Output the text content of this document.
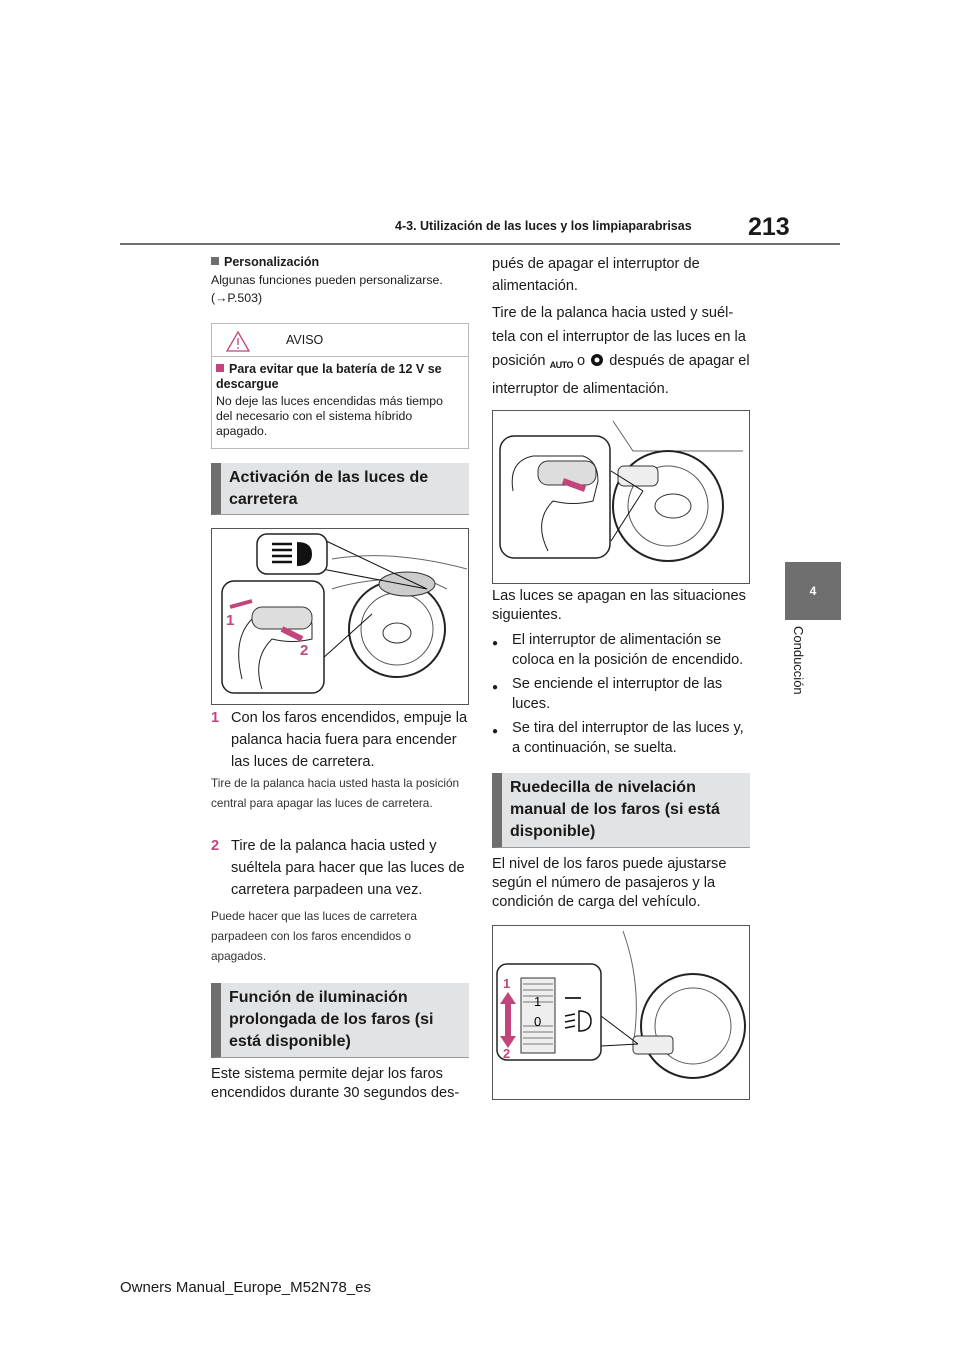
4-3. Utilización de las luces y los limpiaparabrisas 213
4
Conducción
Personalización
Algunas funciones pueden personalizarse. (→P.503)
AVISO
Para evitar que la batería de 12 V se descargue
No deje las luces encendidas más tiempo del necesario con el sistema híbrido apagado.
Activación de las luces de carretera
1
2
1 Con los faros encendidos, empuje la palanca hacia fuera para encender las luces de carretera.
Tire de la palanca hacia usted hasta la posición central para apagar las luces de carretera.
2 Tire de la palanca hacia usted y suéltela para hacer que las luces de carretera parpadeen una vez.
Puede hacer que las luces de carretera parpadeen con los faros encendidos o apagados.
Función de iluminación prolongada de los faros (si está disponible)
Este sistema permite dejar los faros encendidos durante 30 segundos des-
pués de apagar el interruptor de alimentación.
Tire de la palanca hacia usted y suél- tela con el interruptor de las luces en la posición AUTO o después de apagar el interruptor de alimentación.
Las luces se apagan en las situaciones siguientes.
● El interruptor de alimentación se coloca en la posición de encendido.
● Se enciende el interruptor de las luces.
● Se tira del interruptor de las luces y, a continuación, se suelta.
Ruedecilla de nivelación manual de los faros (si está disponible)
El nivel de los faros puede ajustarse según el número de pasajeros y la condición de carga del vehículo.
1
0
1
2
Owners Manual_Europe_M52N78_es
